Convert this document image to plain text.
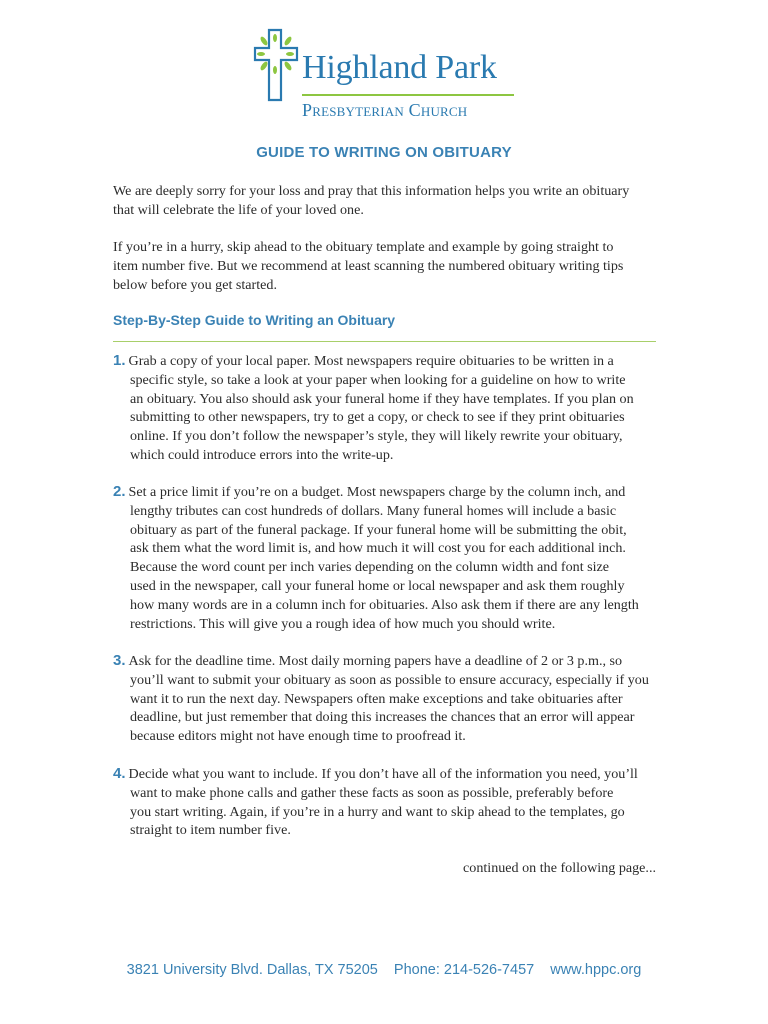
Highland Park
Presbyterian Church
GUIDE TO WRITING ON OBITUARY
We are deeply sorry for your loss and pray that this information helps you write an obituary
that will celebrate the life of your loved one.
If you’re in a hurry, skip ahead to the obituary template and example by going straight to
item number five. But we recommend at least scanning the numbered obituary writing tips
below before you get started.
Step-By-Step Guide to Writing an Obituary
1. Grab a copy of your local paper. Most newspapers require obituaries to be written in a
specific style, so take a look at your paper when looking for a guideline on how to write
an obituary. You also should ask your funeral home if they have templates. If you plan on
submitting to other newspapers, try to get a copy, or check to see if they print obituaries
online. If you don’t follow the newspaper’s style, they will likely rewrite your obituary,
which could introduce errors into the write-up.
2. Set a price limit if you’re on a budget. Most newspapers charge by the column inch, and
lengthy tributes can cost hundreds of dollars. Many funeral homes will include a basic
obituary as part of the funeral package. If your funeral home will be submitting the obit,
ask them what the word limit is, and how much it will cost you for each additional inch.
Because the word count per inch varies depending on the column width and font size
used in the newspaper, call your funeral home or local newspaper and ask them roughly
how many words are in a column inch for obituaries. Also ask them if there are any length
restrictions. This will give you a rough idea of how much you should write.
3. Ask for the deadline time. Most daily morning papers have a deadline of 2 or 3 p.m., so
you’ll want to submit your obituary as soon as possible to ensure accuracy, especially if you
want it to run the next day. Newspapers often make exceptions and take obituaries after
deadline, but just remember that doing this increases the chances that an error will appear
because editors might not have enough time to proofread it.
4. Decide what you want to include. If you don’t have all of the information you need, you’ll
want to make phone calls and gather these facts as soon as possible, preferably before
you start writing. Again, if you’re in a hurry and want to skip ahead to the templates, go
straight to item number five.
continued on the following page...
3821 University Blvd. Dallas, TX 75205 Phone: 214-526-7457 www.hppc.org
